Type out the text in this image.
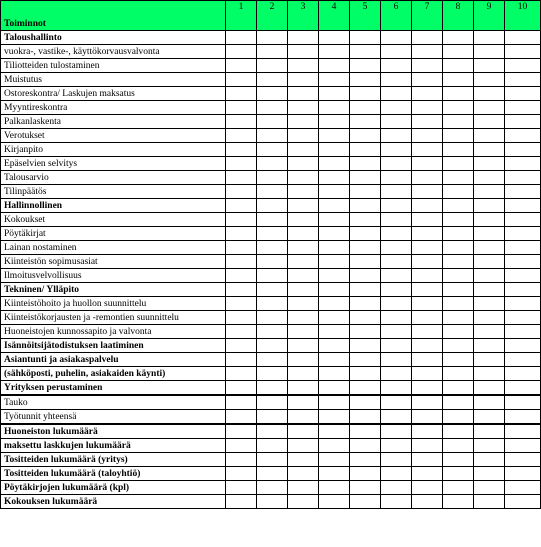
Toiminnot	1	2	3	4	5	6	7	8	9	10
Taloushallinto										
vuokra-, vastike-, käyttökorvausvalvonta										
Tiliotteiden tulostaminen										
Muistutus										
Ostoreskontra/ Laskujen maksatus										
Myyntireskontra										
Palkanlaskenta										
Verotukset										
Kirjanpito										
Epäselvien selvitys										
Talousarvio										
Tilinpäätös										
Hallinnollinen										
Kokoukset										
Pöytäkirjat										
Lainan nostaminen										
Kiinteistön sopimusasiat										
Ilmoitusvelvollisuus										
Tekninen/ Ylläpito										
Kiinteistöhoito ja huollon suunnittelu										
Kiinteistökorjausten ja -remontien suunnittelu										
Huoneistojen kunnossapito ja valvonta										
Isännöitsijätodistuksen laatiminen										
Asiantunti ja asiakaspalvelu										
(sähköposti, puhelin, asiakaiden käynti)										
Yrityksen perustaminen										
Tauko										
Työtunnit yhteensä										
Huoneiston lukumäärä										
maksettu laskkujen lukumäärä										
Tositteiden lukumäärä (yritys)										
Tositteiden lukumäärä (taloyhtiö)										
Pöytäkirjojen lukumäärä (kpl)										
Kokouksen lukumäärä										
